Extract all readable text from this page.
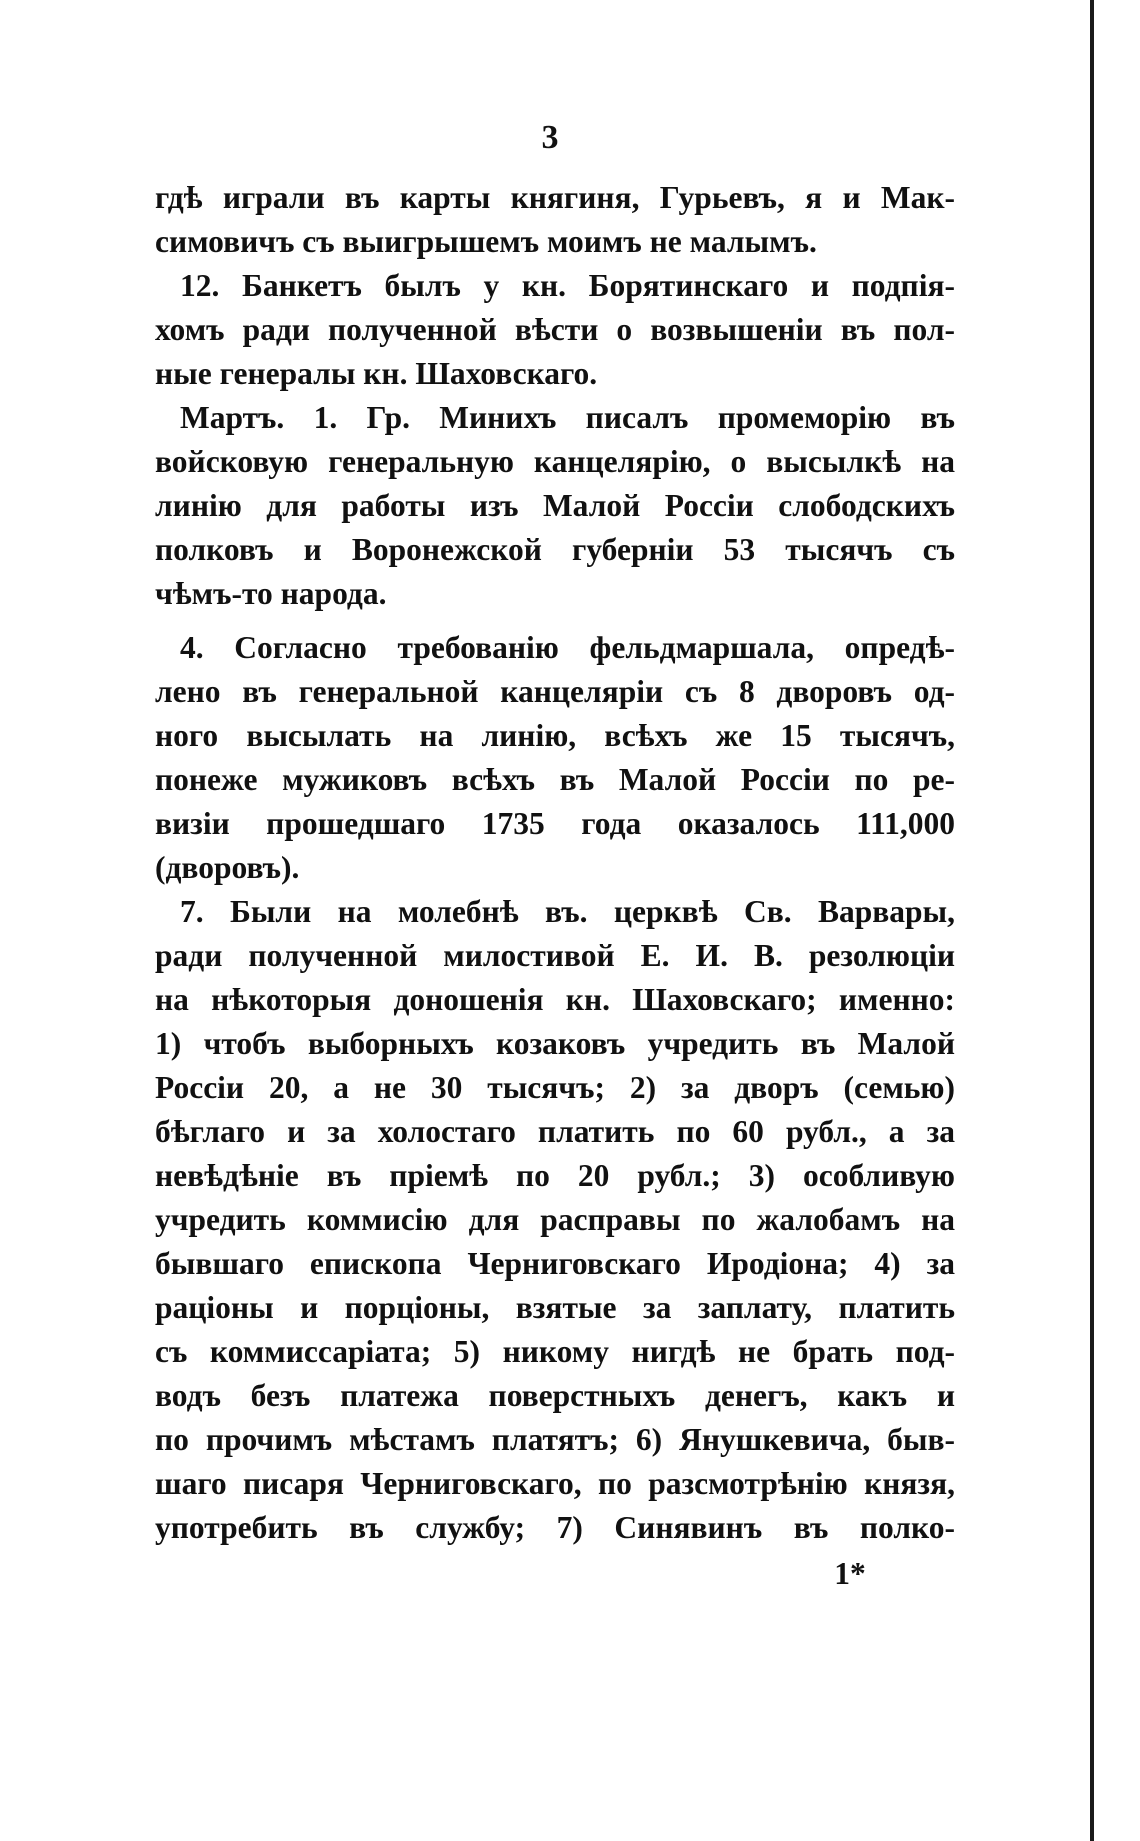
3
гдѣ играли въ карты княгиня, Гурьевъ, я и Мак-
симовичъ съ выигрышемъ моимъ не малымъ.
12. Банкетъ былъ у кн. Борятинскаго и подпія-
хомъ ради полученной вѣсти о возвышеніи въ пол-
ные генералы кн. Шаховскаго.
Мартъ. 1. Гр. Минихъ писалъ промеморію въ
войсковую генеральную канцелярію, о высылкѣ на
линію для работы изъ Малой Россіи слободскихъ
полковъ и Воронежской губерніи 53 тысячъ съ
чѣмъ-то народа.
4. Согласно требованію фельдмаршала, опредѣ-
лено въ генеральной канцеляріи съ 8 дворовъ од-
ного высылать на линію, всѣхъ же 15 тысячъ,
понеже мужиковъ всѣхъ въ Малой Россіи по ре-
визіи прошедшаго 1735 года оказалось 111,000
(дворовъ).
7. Были на молебнѣ въ. церквѣ Св. Варвары,
ради полученной милостивой Е. И. В. резолюціи
на нѣкоторыя доношенія кн. Шаховскаго; именно:
1) чтобъ выборныхъ козаковъ учредить въ Малой
Россіи 20, а не 30 тысячъ; 2) за дворъ (семью)
бѣглаго и за холостаго платить по 60 рубл., а за
невѣдѣніе въ пріемѣ по 20 рубл.; 3) особливую
учредить коммисію для расправы по жалобамъ на
бывшаго епископа Черниговскаго Иродіона; 4) за
раціоны и порціоны, взятые за заплату, платить
съ коммиссаріата; 5) никому нигдѣ не брать под-
водъ безъ платежа поверстныхъ денегъ, какъ и
по прочимъ мѣстамъ платятъ; 6) Янушкевича, быв-
шаго писаря Черниговскаго, по разсмотрѣнію князя,
употребить въ службу; 7) Синявинъ въ полко-
1*
